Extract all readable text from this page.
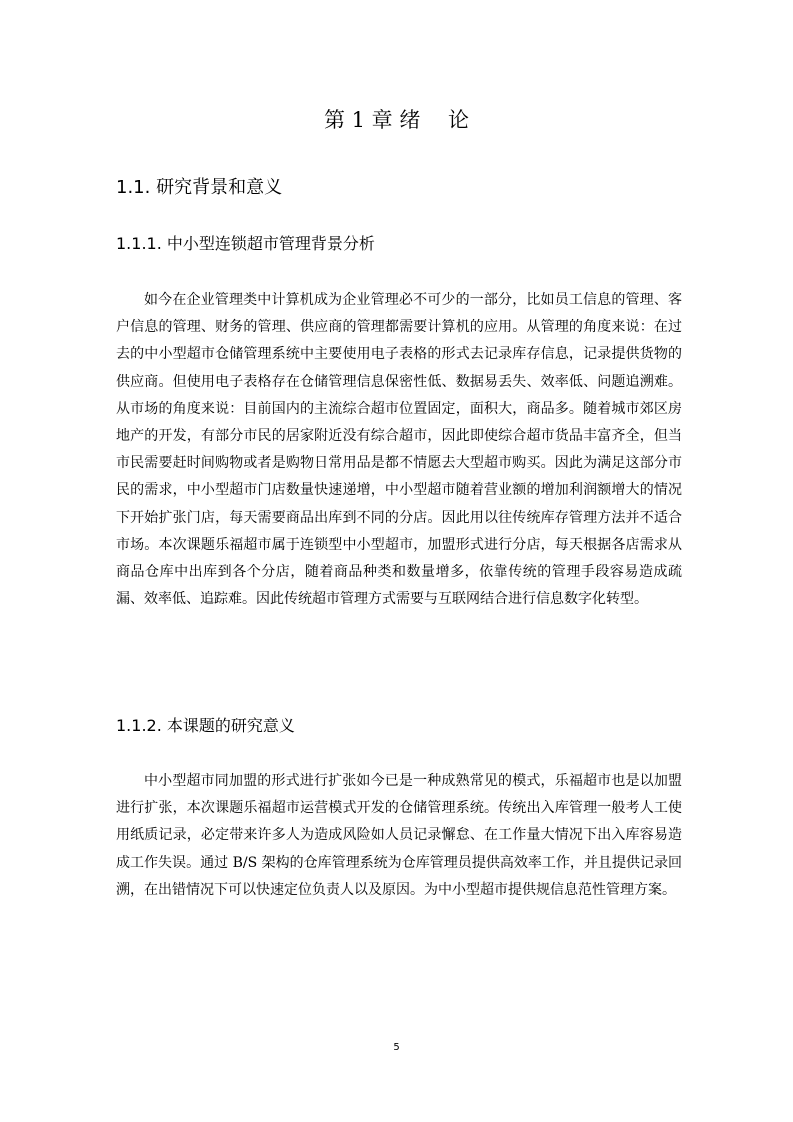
第 1 章 绪　 论
1.1. 研究背景和意义
1.1.1. 中小型连锁超市管理背景分析

如今在企业管理类中计算机成为企业管理必不可少的一部分，比如员工信息的管理、客户信息的管理、财务的管理、供应商的管理都需要计算机的应用。从管理的角度来说：在过去的中小型超市仓储管理系统中主要使用电子表格的形式去记录库存信息，记录提供货物的供应商。但使用电子表格存在仓储管理信息保密性低、数据易丢失、效率低、问题追溯难。从市场的角度来说：目前国内的主流综合超市位置固定，面积大，商品多。随着城市郊区房地产的开发，有部分市民的居家附近没有综合超市，因此即使综合超市货品丰富齐全，但当市民需要赶时间购物或者是购物日常用品是都不情愿去大型超市购买。因此为满足这部分市民的需求，中小型超市门店数量快速递增，中小型超市随着营业额的增加利润额增大的情况下开始扩张门店，每天需要商品出库到不同的分店。因此用以往传统库存管理方法并不适合市场。本次课题乐福超市属于连锁型中小型超市，加盟形式进行分店，每天根据各店需求从商品仓库中出库到各个分店，随着商品种类和数量增多，依靠传统的管理手段容易造成疏漏、效率低、追踪难。因此传统超市管理方式需要与互联网结合进行信息数字化转型。

1.1.2. 本课题的研究意义

中小型超市同加盟的形式进行扩张如今已是一种成熟常见的模式，乐福超市也是以加盟进行扩张，本次课题乐福超市运营模式开发的仓储管理系统。传统出入库管理一般考人工使用纸质记录，必定带来许多人为造成风险如人员记录懈怠、在工作量大情况下出入库容易造成工作失误。通过 B/S 架构的仓库管理系统为仓库管理员提供高效率工作，并且提供记录回溯，在出错情况下可以快速定位负责人以及原因。为中小型超市提供规信息范性管理方案。

5
